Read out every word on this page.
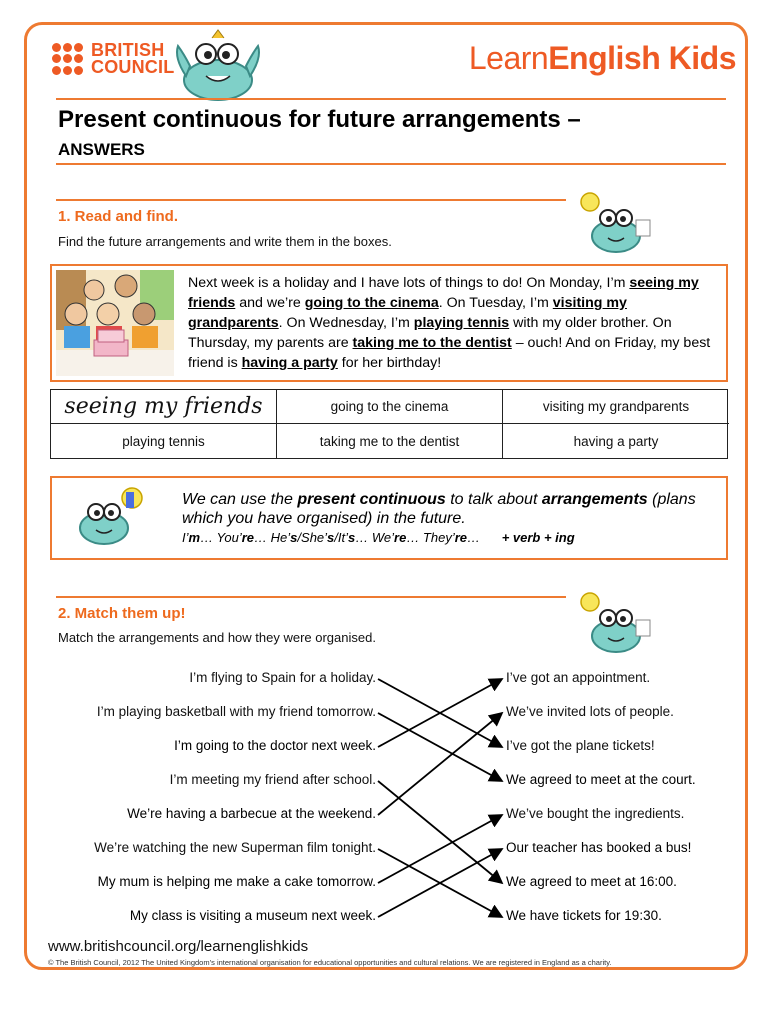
BRITISH
COUNCIL	LearnEnglish Kids
Present continuous for future arrangements –
ANSWERS
1. Read and find.
Find the future arrangements and write them in the boxes.
Next week is a holiday and I have lots of things to do! On Monday, I’m seeing my friends and we’re going to the cinema. On Tuesday, I’m visiting my grandparents. On Wednesday, I’m playing tennis with my older brother. On Thursday, my parents are taking me to the dentist – ouch! And on Friday, my best friend is having a party for her birthday!
seeing my friends	going to the cinema	visiting my grandparents
playing tennis	taking me to the dentist	having a party
We can use the present continuous to talk about arrangements (plans which you have organised) in the future.
I’m… You’re… He’s/She’s/It’s… We’re… They’re…      + verb + ing
2. Match them up!
Match the arrangements and how they were organised.
I’m flying to Spain for a holiday.
I’m playing basketball with my friend tomorrow.
I’m going to the doctor next week.
I’m meeting my friend after school.
We’re having a barbecue at the weekend.
We’re watching the new Superman film tonight.
My mum is helping me make a cake tomorrow.
My class is visiting a museum next week.
I’ve got an appointment.
We’ve invited lots of people.
I’ve got the plane tickets!
We agreed to meet at the court.
We’ve bought the ingredients.
Our teacher has booked a bus!
We agreed to meet at 16:00.
We have tickets for 19:30.
www.britishcouncil.org/learnenglishkids
© The British Council, 2012 The United Kingdom’s international organisation for educational opportunities and cultural relations. We are registered in England as a charity.
